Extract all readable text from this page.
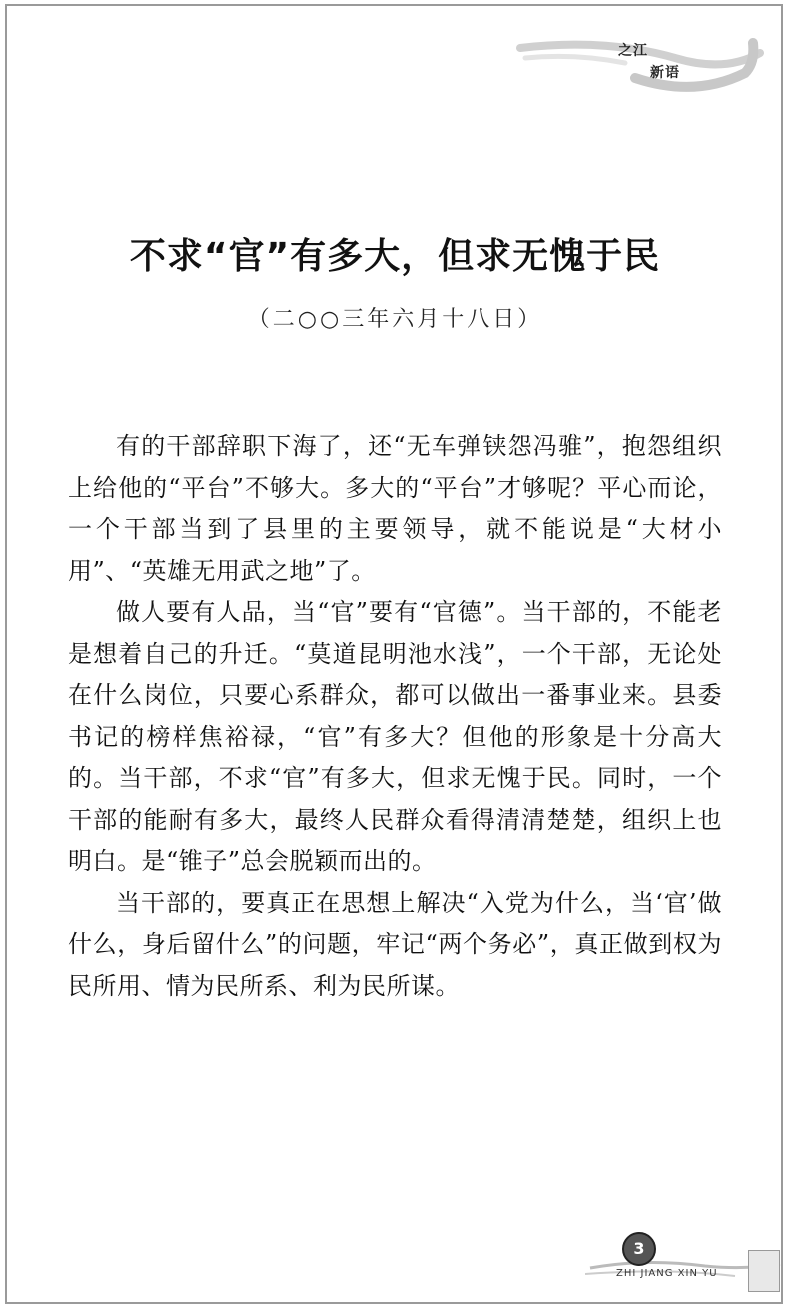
之江
新语
不求“官”有多大，但求无愧于民
（二○○三年六月十八日）

有的干部辞职下海了，还“无车弹铗怨冯骓”，抱怨组织上给他的“平台”不够大。多大的“平台”才够呢？平心而论，一个干部当到了县里的主要领导，就不能说是“大材小用”、“英雄无用武之地”了。

做人要有人品，当“官”要有“官德”。当干部的，不能老是想着自己的升迁。“莫道昆明池水浅”，一个干部，无论处在什么岗位，只要心系群众，都可以做出一番事业来。县委书记的榜样焦裕禄，“官”有多大？但他的形象是十分高大的。当干部，不求“官”有多大，但求无愧于民。同时，一个干部的能耐有多大，最终人民群众看得清清楚楚，组织上也明白。是“锥子”总会脱颖而出的。

当干部的，要真正在思想上解决“入党为什么，当‘官’做什么，身后留什么”的问题，牢记“两个务必”，真正做到权为民所用、情为民所系、利为民所谋。

3
ZHI JIANG XIN YU
